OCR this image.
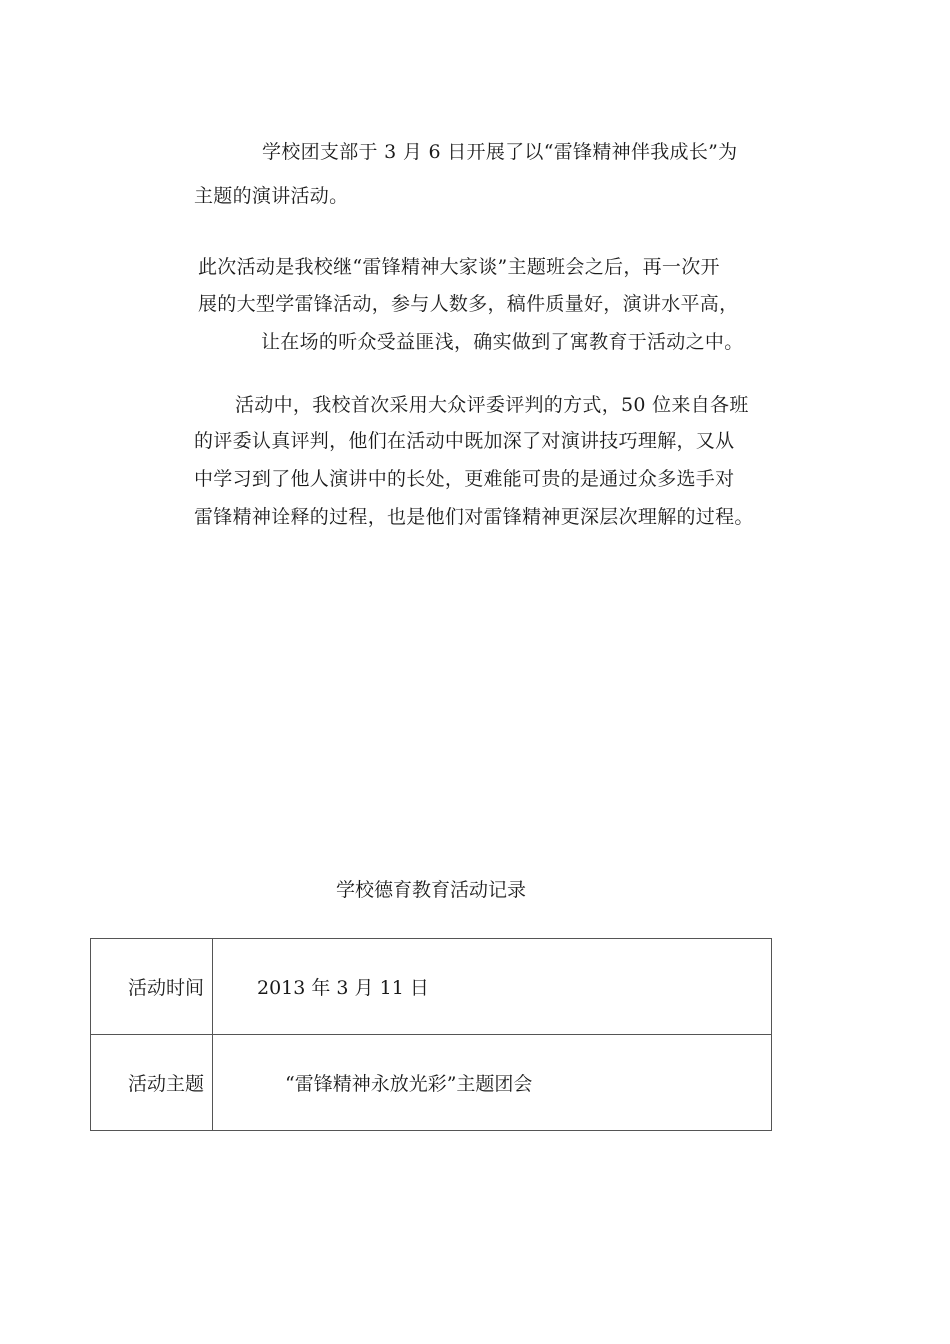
学校团支部于 3 月 6 日开展了以“雷锋精神伴我成长”为
主题的演讲活动。
此次活动是我校继“雷锋精神大家谈”主题班会之后，再一次开
展的大型学雷锋活动，参与人数多，稿件质量好，演讲水平高，
让在场的听众受益匪浅，确实做到了寓教育于活动之中。
活动中，我校首次采用大众评委评判的方式，50 位来自各班
的评委认真评判，他们在活动中既加深了对演讲技巧理解，又从
中学习到了他人演讲中的长处，更难能可贵的是通过众多选手对
雷锋精神诠释的过程，也是他们对雷锋精神更深层次理解的过程。
学校德育教育活动记录
活动时间	2013 年 3 月 11 日
活动主题	“雷锋精神永放光彩”主题团会
